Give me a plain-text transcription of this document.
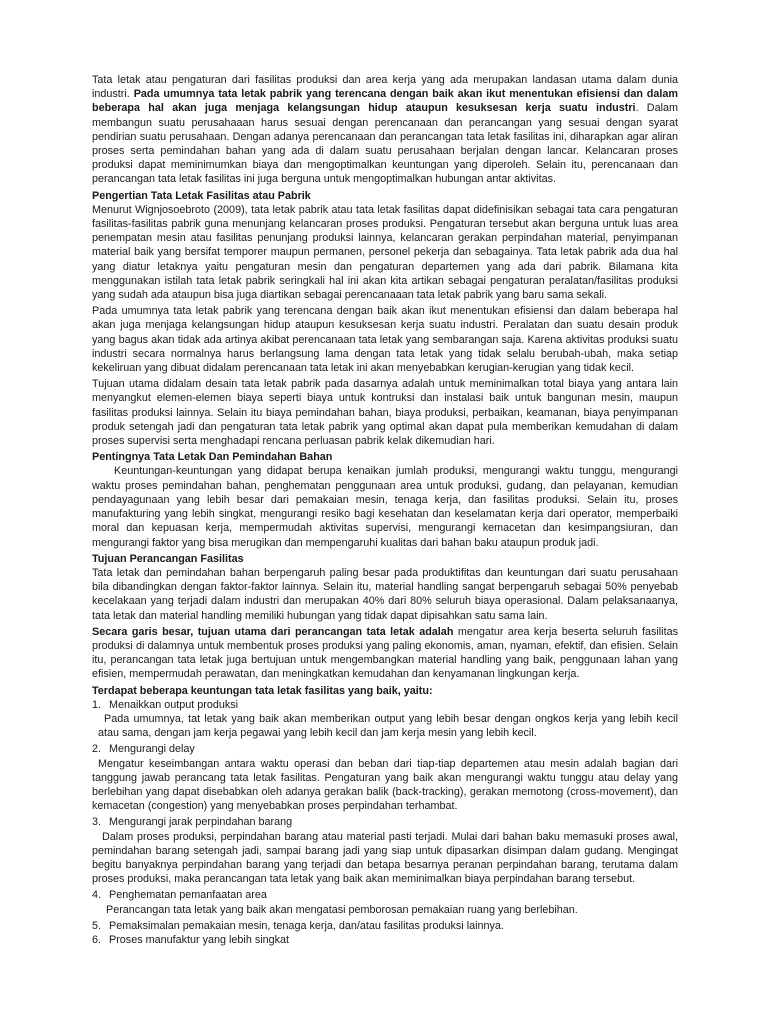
Tata letak atau pengaturan dari fasilitas produksi dan area kerja yang ada merupakan landasan utama dalam dunia industri. Pada umumnya tata letak pabrik yang terencana dengan baik akan ikut menentukan efisiensi dan dalam beberapa hal akan juga menjaga kelangsungan hidup ataupun kesuksesan kerja suatu industri. Dalam membangun suatu perusahaaan harus sesuai dengan perencanaan dan perancangan yang sesuai dengan syarat pendirian suatu perusahaan. Dengan adanya perencanaan dan perancangan tata letak fasilitas ini, diharapkan agar aliran proses serta pemindahan bahan yang ada di dalam suatu perusahaan berjalan dengan lancar. Kelancaran proses produksi dapat meminimumkan biaya dan mengoptimalkan keuntungan yang diperoleh. Selain itu, perencanaan dan perancangan tata letak fasilitas ini juga berguna untuk mengoptimalkan hubungan antar aktivitas.

Pengertian Tata Letak Fasilitas atau Pabrik

Menurut Wignjosoebroto (2009), tata letak pabrik atau tata letak fasilitas dapat didefinisikan sebagai tata cara pengaturan fasilitas-fasilitas pabrik guna menunjang kelancaran proses produksi. Pengaturan tersebut akan berguna untuk luas area penempatan mesin atau fasilitas penunjang produksi lainnya, kelancaran gerakan perpindahan material, penyimpanan material baik yang bersifat temporer maupun permanen, personel pekerja dan sebagainya. Tata letak pabrik ada dua hal yang diatur letaknya yaitu pengaturan mesin dan pengaturan departemen yang ada dari pabrik. Bilamana kita menggunakan istilah tata letak pabrik seringkali hal ini akan kita artikan sebagai pengaturan peralatan/fasilitas produksi yang sudah ada ataupun bisa juga diartikan sebagai perencanaaan tata letak pabrik yang baru sama sekali.

Pada umumnya tata letak pabrik yang terencana dengan baik akan ikut menentukan efisiensi dan dalam beberapa hal akan juga menjaga kelangsungan hidup ataupun kesuksesan kerja suatu industri. Peralatan dan suatu desain produk yang bagus akan tidak ada artinya akibat perencanaan tata letak yang sembarangan saja. Karena aktivitas produksi suatu industri secara normalnya harus berlangsung lama dengan tata letak yang tidak selalu berubah-ubah, maka setiap kekeliruan yang dibuat didalam perencanaan tata letak ini akan menyebabkan kerugian-kerugian yang tidak kecil.

Tujuan utama didalam desain tata letak pabrik pada dasarnya adalah untuk meminimalkan total biaya yang antara lain menyangkut elemen-elemen biaya seperti biaya untuk kontruksi dan instalasi baik untuk bangunan mesin, maupun fasilitas produksi lainnya. Selain itu biaya pemindahan bahan, biaya produksi, perbaikan, keamanan, biaya penyimpanan produk setengah jadi dan pengaturan tata letak pabrik yang optimal akan dapat pula memberikan kemudahan di dalam proses supervisi serta menghadapi rencana perluasan pabrik kelak dikemudian hari.

Pentingnya Tata Letak Dan Pemindahan Bahan

Keuntungan-keuntungan yang didapat berupa kenaikan jumlah produksi, mengurangi waktu tunggu, mengurangi waktu proses pemindahan bahan, penghematan penggunaan area untuk produksi, gudang, dan pelayanan, kemudian pendayagunaan yang lebih besar dari pemakaian mesin, tenaga kerja, dan fasilitas produksi. Selain itu, proses manufakturing yang lebih singkat, mengurangi resiko bagi kesehatan dan keselamatan kerja dari operator, memperbaiki moral dan kepuasan kerja, mempermudah aktivitas supervisi, mengurangi kemacetan dan kesimpangsiuran, dan mengurangi faktor yang bisa merugikan dan mempengaruhi kualitas dari bahan baku ataupun produk jadi.

Tujuan Perancangan Fasilitas

Tata letak dan pemindahan bahan berpengaruh paling besar pada produktifitas dan keuntungan dari suatu perusahaan bila dibandingkan dengan faktor-faktor lainnya. Selain itu, material handling sangat berpengaruh sebagai 50% penyebab kecelakaan yang terjadi dalam industri dan merupakan 40% dari 80% seluruh biaya operasional. Dalam pelaksanaanya, tata letak dan material handling memiliki hubungan yang tidak dapat dipisahkan satu sama lain.

Secara garis besar, tujuan utama dari perancangan tata letak adalah mengatur area kerja beserta seluruh fasilitas produksi di dalamnya untuk membentuk proses produksi yang paling ekonomis, aman, nyaman, efektif, dan efisien. Selain itu, perancangan tata letak juga bertujuan untuk mengembangkan material handling yang baik, penggunaan lahan yang efisien, mempermudah perawatan, dan meningkatkan kemudahan dan kenyamanan lingkungan kerja.

Terdapat beberapa keuntungan tata letak fasilitas yang baik, yaitu:
1. Menaikkan output produksi

Pada umumnya, tat letak yang baik akan memberikan output yang lebih besar dengan ongkos kerja yang lebih kecil atau sama, dengan jam kerja pegawai yang lebih kecil dan jam kerja mesin yang lebih kecil.

2. Mengurangi delay

Mengatur keseimbangan antara waktu operasi dan beban dari tiap-tiap departemen atau mesin adalah bagian dari tanggung jawab perancang tata letak fasilitas. Pengaturan yang baik akan mengurangi waktu tunggu atau delay yang berlebihan yang dapat disebabkan oleh adanya gerakan balik (back-tracking), gerakan memotong (cross-movement), dan kemacetan (congestion) yang menyebabkan proses perpindahan terhambat.

3. Mengurangi jarak perpindahan barang

Dalam proses produksi, perpindahan barang atau material pasti terjadi. Mulai dari bahan baku memasuki proses awal, pemindahan barang setengah jadi, sampai barang jadi yang siap untuk dipasarkan disimpan dalam gudang. Mengingat begitu banyaknya perpindahan barang yang terjadi dan betapa besarnya peranan perpindahan barang, terutama dalam proses produksi, maka perancangan tata letak yang baik akan meminimalkan biaya perpindahan barang tersebut.

4. Penghematan pemanfaatan area

Perancangan tata letak yang baik akan mengatasi pemborosan pemakaian ruang yang berlebihan.

5. Pemaksimalan pemakaian mesin, tenaga kerja, dan/atau fasilitas produksi lainnya.
6. Proses manufaktur yang lebih singkat
